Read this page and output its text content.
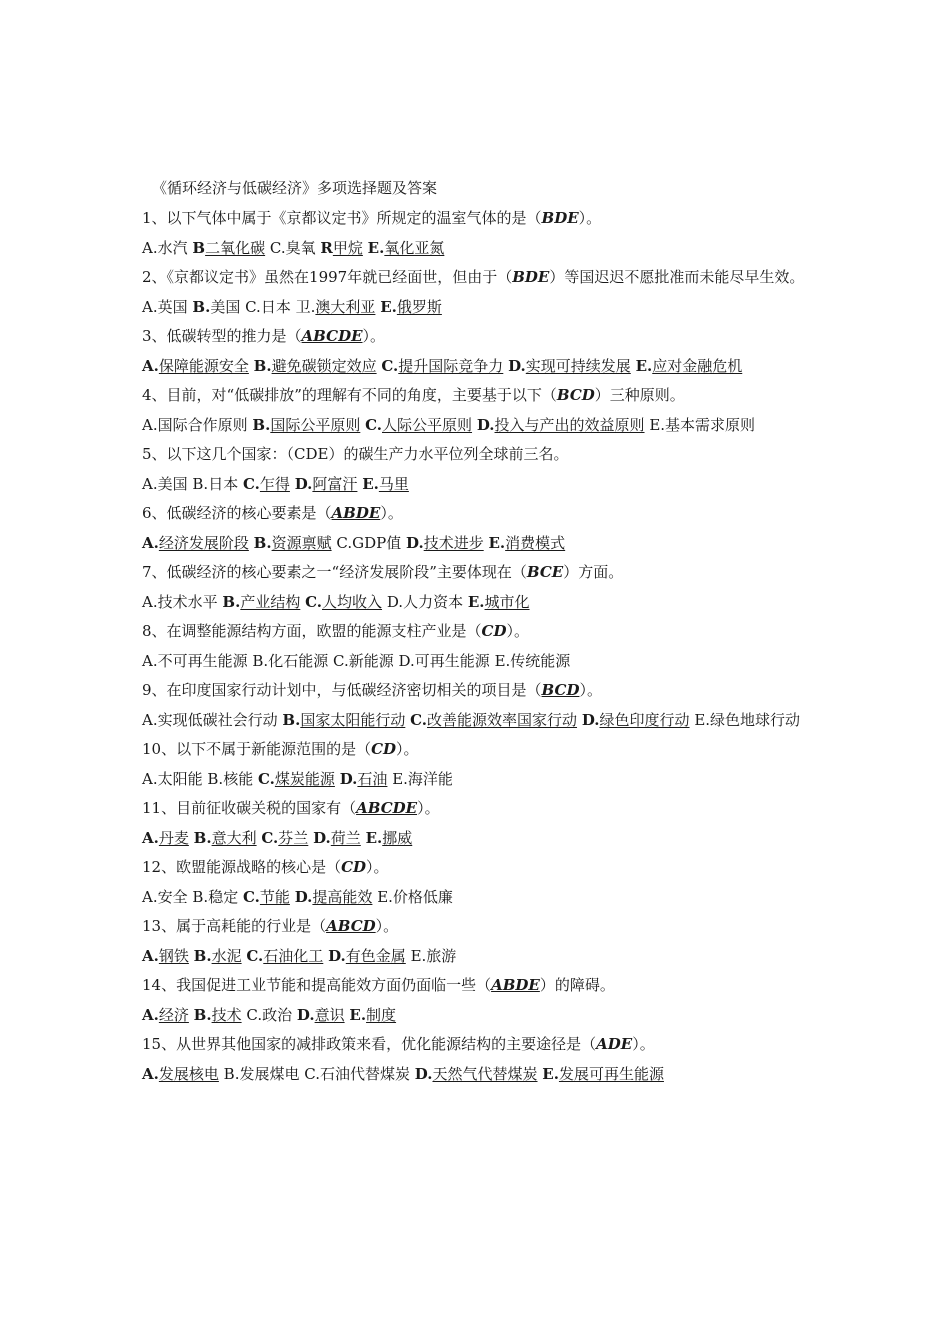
《循环经济与低碳经济》多项选择题及答案
1、以下气体中属于《京都议定书》所规定的温室气体的是（BDE）。
A.水汽 B二氧化碳 C.臭氧 R甲烷 E.氧化亚氮
2、《京都议定书》虽然在1997年就已经面世，但由于（BDE）等国迟迟不愿批准而未能尽早生效。
A.英国 B.美国 C.日本 卫.澳大利亚 E.俄罗斯
3、低碳转型的推力是（ABCDE）。
A.保障能源安全 B.避免碳锁定效应 C.提升国际竞争力 D.实现可持续发展 E.应对金融危机
4、目前，对“低碳排放”的理解有不同的角度，主要基于以下（BCD）三种原则。
A.国际合作原则 B.国际公平原则 C.人际公平原则 D.投入与产出的效益原则 E.基本需求原则
5、以下这几个国家：（CDE）的碳生产力水平位列全球前三名。
A.美国 B.日本 C.乍得 D.阿富汗 E.马里
6、低碳经济的核心要素是（ABDE）。
A.经济发展阶段 B.资源禀赋 C.GDP值 D.技术进步 E.消费模式
7、低碳经济的核心要素之一“经济发展阶段”主要体现在（BCE）方面。
A.技术水平 B.产业结构 C.人均收入 D.人力资本 E.城市化
8、在调整能源结构方面，欧盟的能源支柱产业是（CD）。
A.不可再生能源 B.化石能源 C.新能源 D.可再生能源 E.传统能源
9、在印度国家行动计划中，与低碳经济密切相关的项目是（BCD）。
A.实现低碳社会行动 B.国家太阳能行动 C.改善能源效率国家行动 D.绿色印度行动 E.绿色地球行动
10、以下不属于新能源范围的是（CD）。
A.太阳能 B.核能 C.煤炭能源 D.石油 E.海洋能
11、目前征收碳关税的国家有（ABCDE）。
A.丹麦 B.意大利 C.芬兰 D.荷兰 E.挪威
12、欧盟能源战略的核心是（CD）。
A.安全 B.稳定 C.节能 D.提高能效 E.价格低廉
13、属于高耗能的行业是（ABCD）。
A.钢铁 B.水泥 C.石油化工 D.有色金属 E.旅游
14、我国促进工业节能和提高能效方面仍面临一些（ABDE）的障碍。
A.经济 B.技术 C.政治 D.意识 E.制度
15、从世界其他国家的减排政策来看，优化能源结构的主要途径是（ADE）。
A.发展核电 B.发展煤电 C.石油代替煤炭 D.天然气代替煤炭 E.发展可再生能源
